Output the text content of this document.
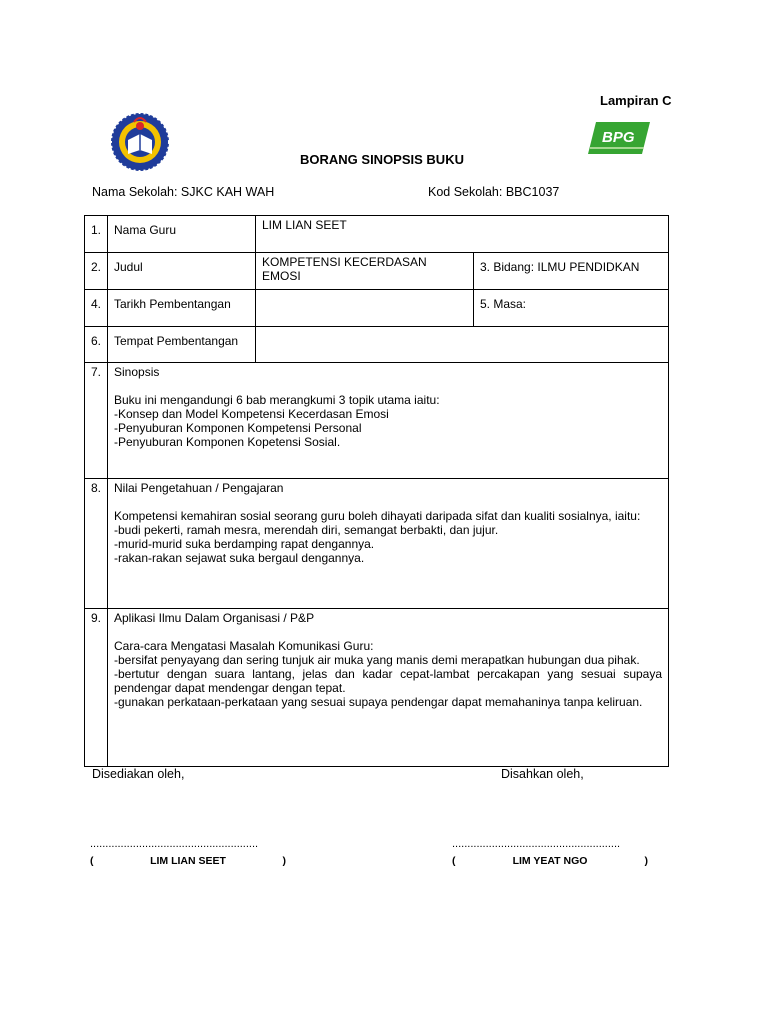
Lampiran C
BPG
BORANG SINOPSIS BUKU
Nama Sekolah: SJKC KAH WAH	Kod Sekolah: BBC1037
1.	Nama Guru	LIM LIAN SEET	
2.	Judul	KOMPETENSI KECERDASAN EMOSI	3. Bidang: ILMU PENDIDKAN
4.	Tarikh Pembentangan		5. Masa:
6.	Tempat Pembentangan		
7.	Sinopsis

Buku ini mengandungi 6 bab merangkumi 3 topik utama iaitu:

-Konsep dan Model Kompetensi Kecerdasan Emosi

-Penyuburan Komponen Kompetensi Personal

-Penyuburan Komponen Kopetensi Sosial.		

8.	Nilai Pengetahuan / Pengajaran

Kompetensi kemahiran sosial seorang guru boleh dihayati daripada sifat dan kualiti sosialnya, iaitu:

-budi pekerti, ramah mesra, merendah diri, semangat berbakti, dan jujur.

-murid-murid suka berdamping rapat dengannya.

-rakan-rakan sejawat suka bergaul dengannya.		

9.	Aplikasi Ilmu Dalam Organisasi / P&P

Cara-cara Mengatasi Masalah Komunikasi Guru:

-bersifat penyayang dan sering tunjuk air muka yang manis demi merapatkan hubungan dua pihak.

-bertutur dengan suara lantang, jelas dan kadar cepat-lambat percakapan yang sesuai supaya pendengar dapat mendengar dengan tepat.

-gunakan perkataan-perkataan yang sesuai supaya pendengar dapat memahaninya tanpa keliruan.		

Disediakan oleh,	Disahkan oleh,
.......................................................	.......................................................
(	LIM LIAN SEET	)	(	LIM YEAT NGO	)
